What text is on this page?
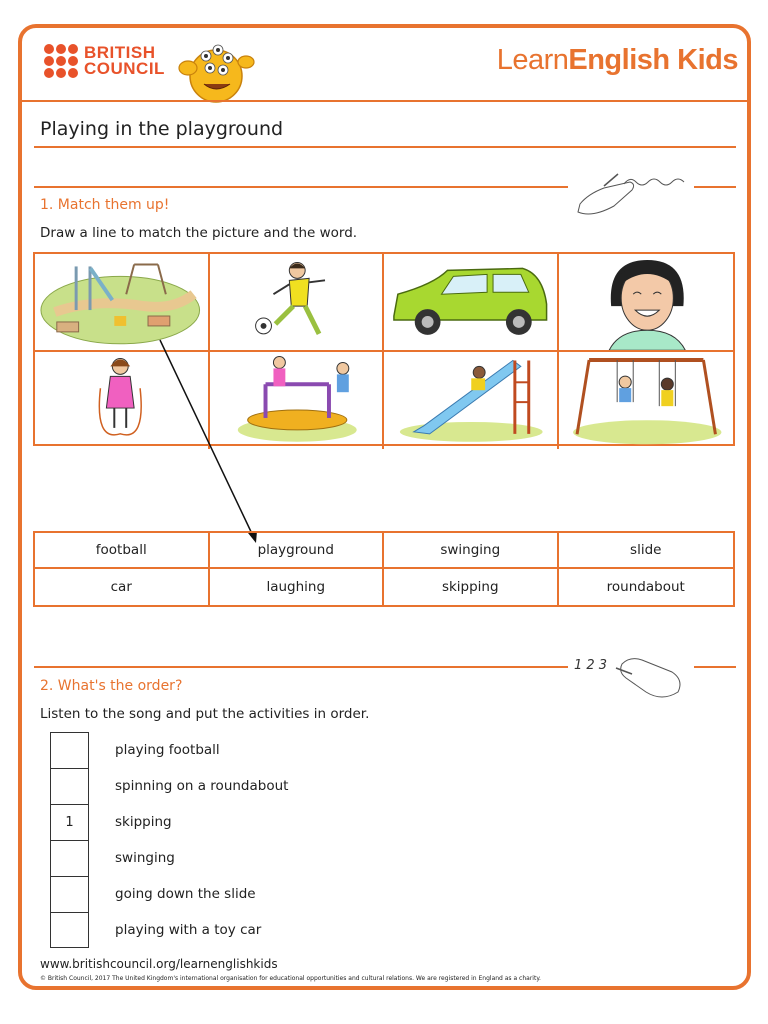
BRITISH
COUNCIL	LearnEnglish Kids
Playing in the playground
1. Match them up!
Draw a line to match the picture and the word.
football	playground	swinging	slide
car	laughing	skipping	roundabout
1 2 3
2. What's the order?
Listen to the song and put the activities in order.
playing football
spinning on a roundabout
1	skipping
swinging
going down the slide
playing with a toy car
www.britishcouncil.org/learnenglishkids
© British Council, 2017 The United Kingdom's international organisation for educational opportunities and cultural relations. We are registered in England as a charity.
